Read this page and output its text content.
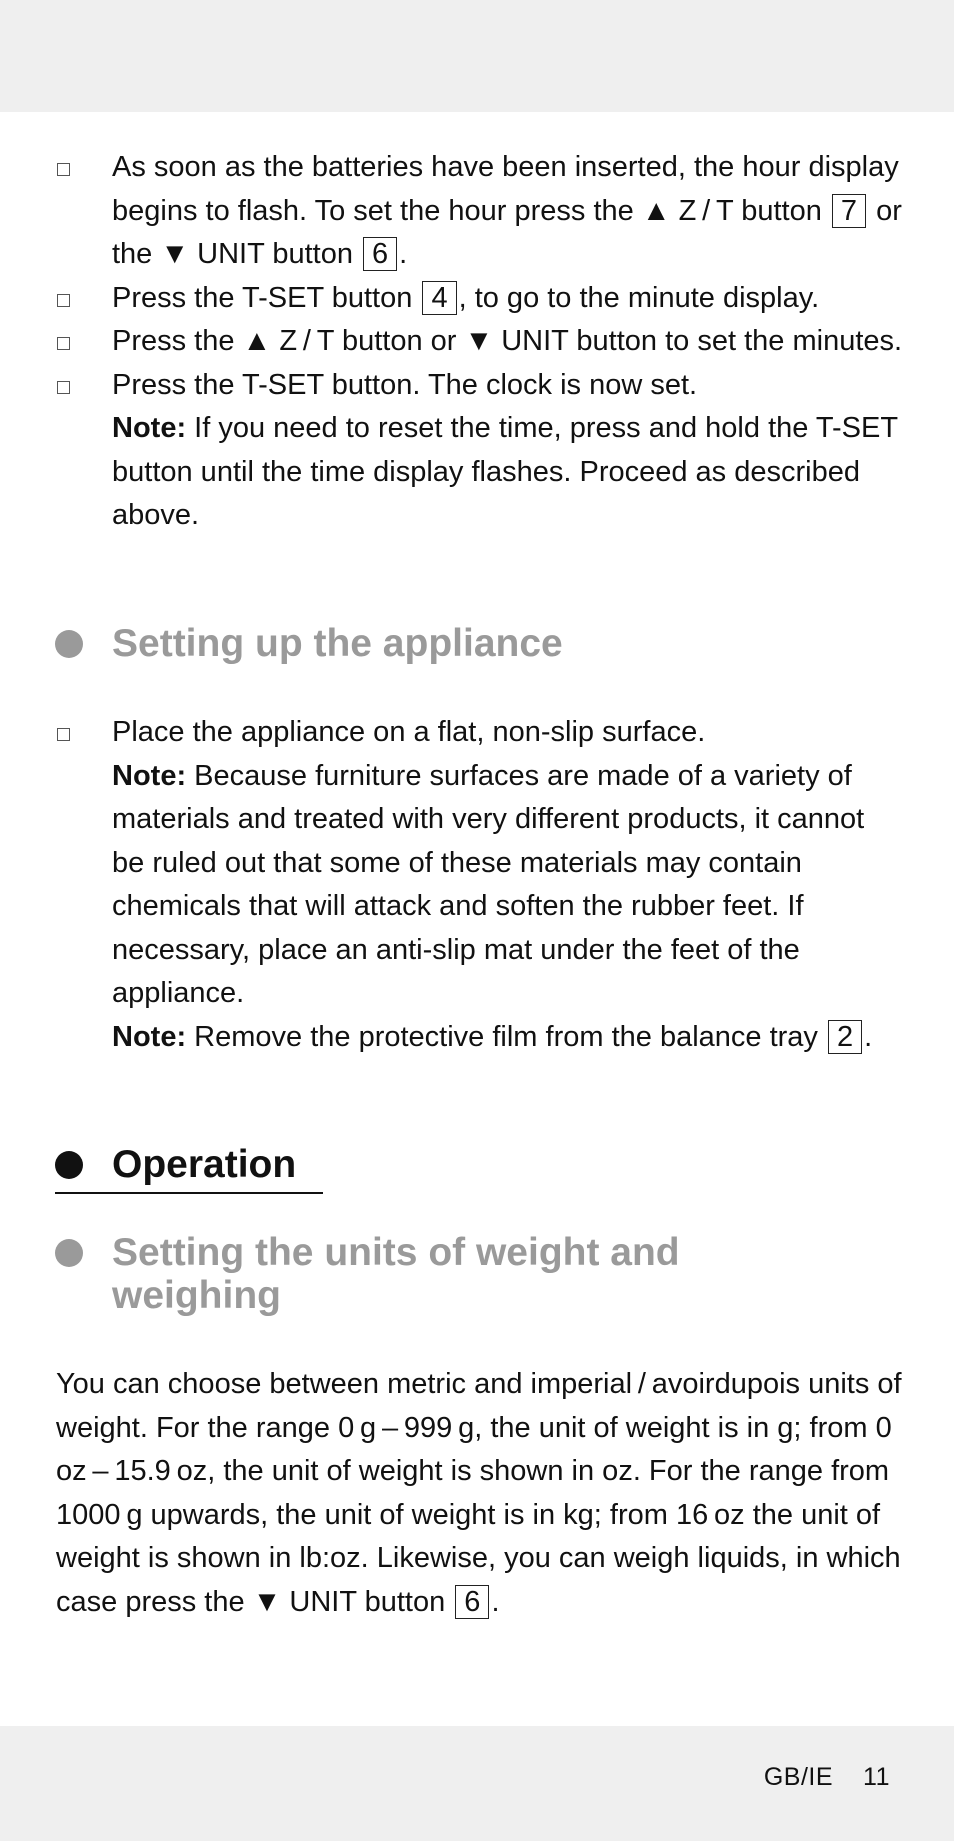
As soon as the batteries have been inserted, the hour display begins to flash. To set the hour press the ▲ Z / T button 7 or the ▼ UNIT button 6 .
Press the T-SET button 4 , to go to the minute display.
Press the ▲ Z / T button or ▼ UNIT button to set the minutes.
Press the T-SET button. The clock is now set.
Note: If you need to reset the time, press and hold the T-SET button until the time display flashes. Proceed as described above.
Setting up the appliance
Place the appliance on a flat, non-slip surface.
Note: Because furniture surfaces are made of a variety of materials and treated with very different products, it cannot be ruled out that some of these materials may contain chemicals that will attack and soften the rubber feet. If necessary, place an anti-slip mat under the feet of the appliance.
Note: Remove the protective film from the balance tray 2 .
Operation
Setting the units of weight and
weighing
You can choose between metric and imperial / avoirdupois units of weight. For the range 0 g – 999 g, the unit of weight is in g; from 0 oz – 15.9 oz, the unit of weight is shown in oz. For the range from 1000 g upwards, the unit of weight is in kg; from 16 oz the unit of weight is shown in lb:oz. Likewise, you can weigh liquids, in which case press the ▼ UNIT button 6 .
GB/IE 11
